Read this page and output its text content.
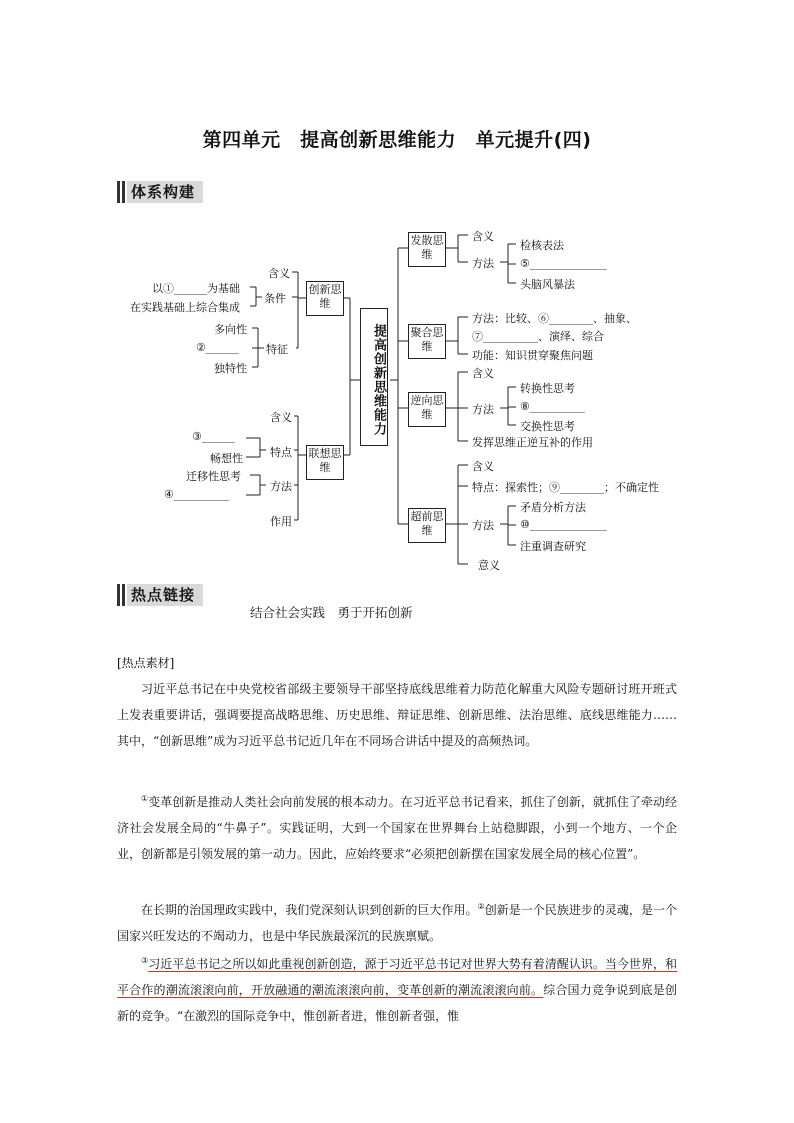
第四单元　提高创新思维能力　单元提升(四)
体系构建
提高创新思维能力
创新思维
含义
条件
特征
以①______为基础
在实践基础上综合集成
多向性
②______
独特性
联想思维
含义
特点
方法
作用
③______
畅想性
迁移性思考
④__________
发散思维
含义
方法
检核表法
⑤______________
头脑风暴法
聚合思维
方法：比较、⑥________、抽象、
⑦__________、演绎、综合
功能：知识贯穿聚焦问题
逆向思维
含义
方法
转换性思考
⑧__________
交换性思考
发挥思维正逆互补的作用
超前思维
含义
特点：探索性；⑨________；不确定性
方法
矛盾分析方法
⑩______________
注重调查研究
意义
热点链接
结合社会实践　勇于开拓创新
[热点素材]

习近平总书记在中央党校省部级主要领导干部坚持底线思维着力防范化解重大风险专题研讨班开班式上发表重要讲话，强调要提高战略思维、历史思维、辩证思维、创新思维、法治思维、底线思维能力……其中，“创新思维”成为习近平总书记近几年在不同场合讲话中提及的高频热词。

①变革创新是推动人类社会向前发展的根本动力。在习近平总书记看来，抓住了创新，就抓住了牵动经济社会发展全局的“牛鼻子”。实践证明，大到一个国家在世界舞台上站稳脚跟，小到一个地方、一个企业，创新都是引领发展的第一动力。因此，应始终要求“必须把创新摆在国家发展全局的核心位置”。

在长期的治国理政实践中，我们党深刻认识到创新的巨大作用。②创新是一个民族进步的灵魂，是一个国家兴旺发达的不竭动力，也是中华民族最深沉的民族禀赋。

③习近平总书记之所以如此重视创新创造，源于习近平总书记对世界大势有着清醒认识。当今世界，和平合作的潮流滚滚向前，开放融通的潮流滚滚向前，变革创新的潮流滚滚向前。综合国力竞争说到底是创新的竞争。“在激烈的国际竞争中，惟创新者进，惟创新者强，惟
